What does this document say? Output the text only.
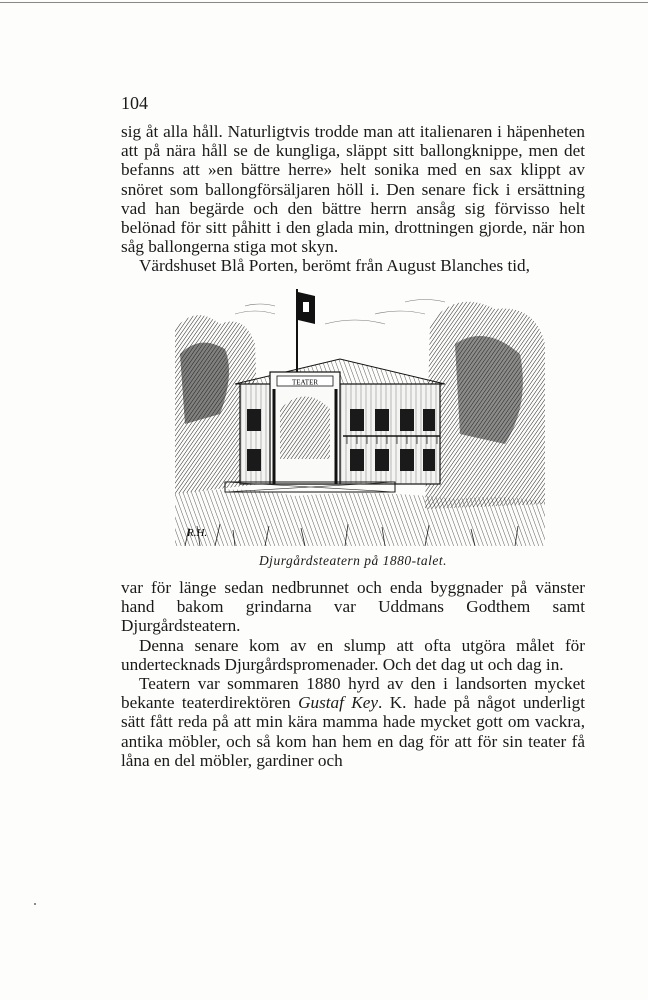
104

sig åt alla håll. Naturligtvis trodde man att italienaren i häpenheten att på nära håll se de kungliga, släppt sitt ballongknippe, men det befanns att »en bättre herre» helt sonika med en sax klippt av snöret som ballongförsäljaren höll i. Den senare fick i ersättning vad han begärde och den bättre herrn ansåg sig förvisso helt belönad för sitt påhitt i den glada min, drottningen gjorde, när hon såg ballongerna stiga mot skyn.

Värdshuset Blå Porten, berömt från August Blanches tid,

TEATER
R.H.
Djurgårdsteatern på 1880-talet.

var för länge sedan nedbrunnet och enda byggnader på vänster hand bakom grindarna var Uddmans Godthem samt Djurgårdsteatern.

Denna senare kom av en slump att ofta utgöra målet för undertecknads Djurgårdspromenader. Och det dag ut och dag in.

Teatern var sommaren 1880 hyrd av den i landsorten mycket bekante teaterdirektören Gustaf Key. K. hade på något underligt sätt fått reda på att min kära mamma hade mycket gott om vackra, antika möbler, och så kom han hem en dag för att för sin teater få låna en del möbler, gardiner och
